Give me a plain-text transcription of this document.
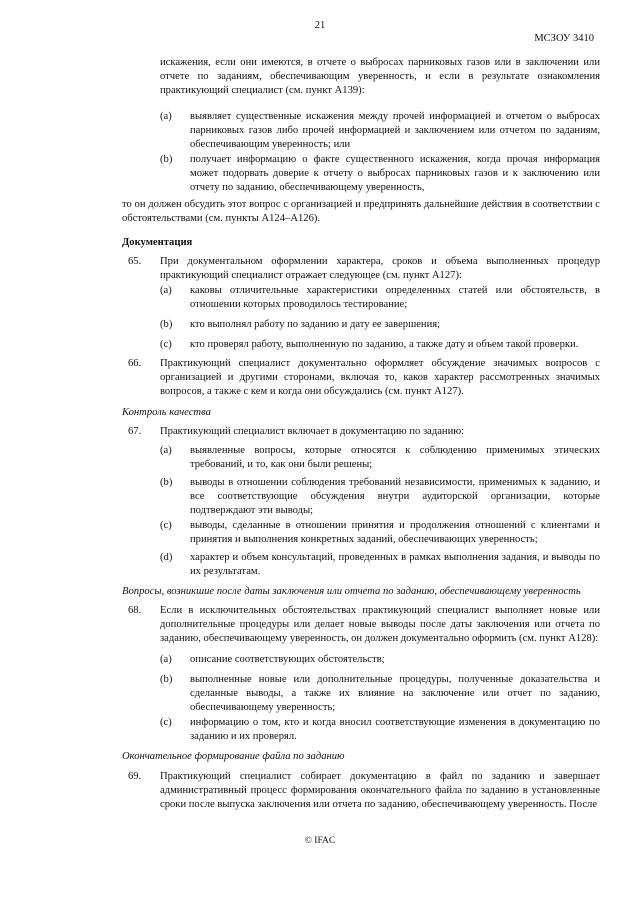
21
МСЗОУ 3410
искажения, если они имеются, в отчете о выбросах парниковых газов или в заключении или отчете по заданиям, обеспечивающим уверенность, и если в результате ознакомления практикующий специалист (см. пункт A139):
(a) выявляет существенные искажения между прочей информацией и отчетом о выбросах парниковых газов либо прочей информацией и заключением или отчетом по заданиям, обеспечивающим уверенность; или
(b) получает информацию о факте существенного искажения, когда прочая информация может подорвать доверие к отчету о выбросах парниковых газов и к заключению или отчету по заданию, обеспечивающему уверенность,
то он должен обсудить этот вопрос с организацией и предпринять дальнейшие действия в соответствии с обстоятельствами (см. пункты A124–A126).
Документация
65. При документальном оформлении характера, сроков и объема выполненных процедур практикующий специалист отражает следующее (см. пункт A127):
(a) каковы отличительные характеристики определенных статей или обстоятельств, в отношении которых проводилось тестирование;
(b) кто выполнял работу по заданию и дату ее завершения;
(c) кто проверял работу, выполненную по заданию, а также дату и объем такой проверки.
66. Практикующий специалист документально оформляет обсуждение значимых вопросов с организацией и другими сторонами, включая то, каков характер рассмотренных значимых вопросов, а также с кем и когда они обсуждались (см. пункт A127).
Контроль качества
67. Практикующий специалист включает в документацию по заданию:
(a) выявленные вопросы, которые относятся к соблюдению применимых этических требований, и то, как они были решены;
(b) выводы в отношении соблюдения требований независимости, применимых к заданию, и все соответствующие обсуждения внутри аудиторской организации, которые подтверждают эти выводы;
(c) выводы, сделанные в отношении принятия и продолжения отношений с клиентами и принятия и выполнения конкретных заданий, обеспечивающих уверенность;
(d) характер и объем консультаций, проведенных в рамках выполнения задания, и выводы по их результатам.
Вопросы, возникшие после даты заключения или отчета по заданию, обеспечивающему уверенность
68. Если в исключительных обстоятельствах практикующий специалист выполняет новые или дополнительные процедуры или делает новые выводы после даты заключения или отчета по заданию, обеспечивающему уверенность, он должен документально оформить (см. пункт A128):
(a) описание соответствующих обстоятельств;
(b) выполненные новые или дополнительные процедуры, полученные доказательства и сделанные выводы, а также их влияние на заключение или отчет по заданию, обеспечивающему уверенность;
(c) информацию о том, кто и когда вносил соответствующие изменения в документацию по заданию и их проверял.
Окончательное формирование файла по заданию
69. Практикующий специалист собирает документацию в файл по заданию и завершает административный процесс формирования окончательного файла по заданию в установленные сроки после выпуска заключения или отчета по заданию, обеспечивающему уверенность. После
© IFAC
